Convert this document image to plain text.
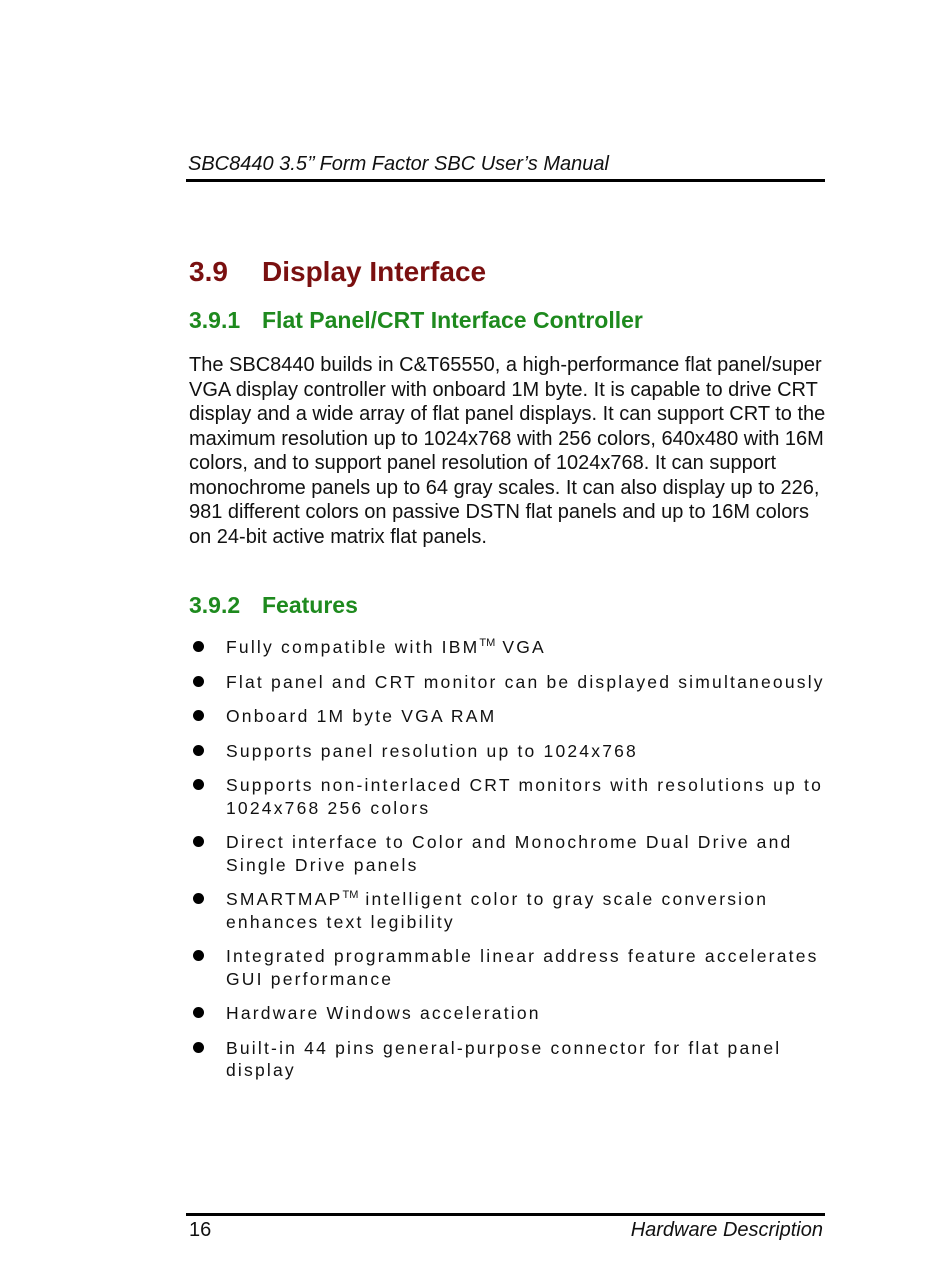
SBC8440 3.5’’ Form Factor SBC User’s Manual
3.9 Display Interface
3.9.1 Flat Panel/CRT Interface Controller

The SBC8440 builds in C&T65550, a high-performance flat panel/super VGA display controller with onboard 1M byte. It is capable to drive CRT display and a wide array of flat panel displays. It can support CRT to the maximum resolution up to 1024x768 with 256 colors, 640x480 with 16M colors, and to support panel resolution of 1024x768. It can support monochrome panels up to 64 gray scales. It can also display up to 226, 981 different colors on passive DSTN flat panels and up to 16M colors on 24-bit active matrix flat panels.

3.9.2 Features
Fully compatible with IBM™ VGA
Flat panel and CRT monitor can be displayed simultaneously
Onboard 1M byte VGA RAM
Supports panel resolution up to 1024x768
Supports non-interlaced CRT monitors with resolutions up to 1024x768 256 colors
Direct interface to Color and Monochrome Dual Drive and Single Drive panels
SMARTMAP™ intelligent color to gray scale conversion enhances text legibility
Integrated programmable linear address feature accelerates GUI performance
Hardware Windows acceleration
Built-in 44 pins general-purpose connector for flat panel display
16	Hardware Description
